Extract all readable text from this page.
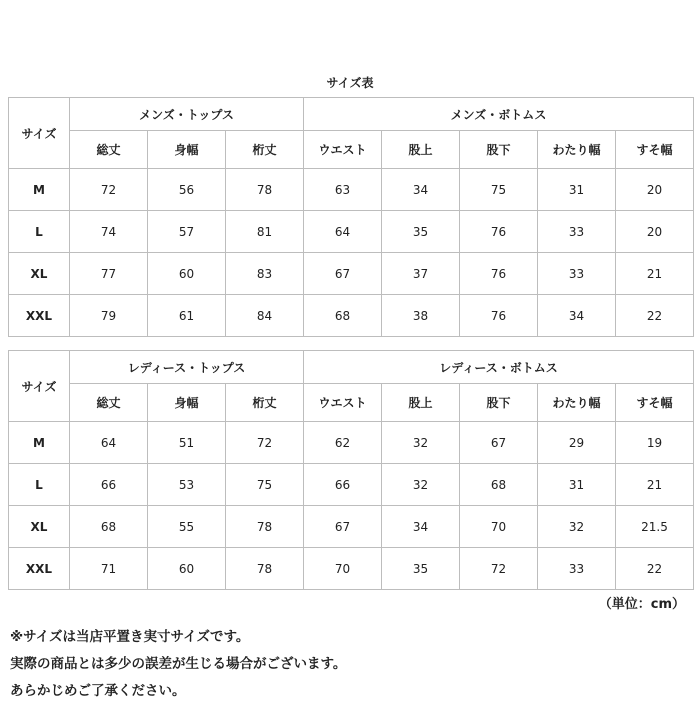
サイズ表
サイズ	メンズ・トップス			メンズ・ボトムス				
	総丈	身幅	桁丈	ウエスト	股上	股下	わたり幅	すそ幅
M	72	56	78	63	34	75	31	20
L	74	57	81	64	35	76	33	20
XL	77	60	83	67	37	76	33	21
XXL	79	61	84	68	38	76	34	22
サイズ	レディース・トップス			レディース・ボトムス				
	総丈	身幅	桁丈	ウエスト	股上	股下	わたり幅	すそ幅
M	64	51	72	62	32	67	29	19
L	66	53	75	66	32	68	31	21
XL	68	55	78	67	34	70	32	21.5
XXL	71	60	78	70	35	72	33	22
（単位：cm）
※サイズは当店平置き実寸サイズです。
実際の商品とは多少の誤差が生じる場合がございます。
あらかじめご了承ください。
